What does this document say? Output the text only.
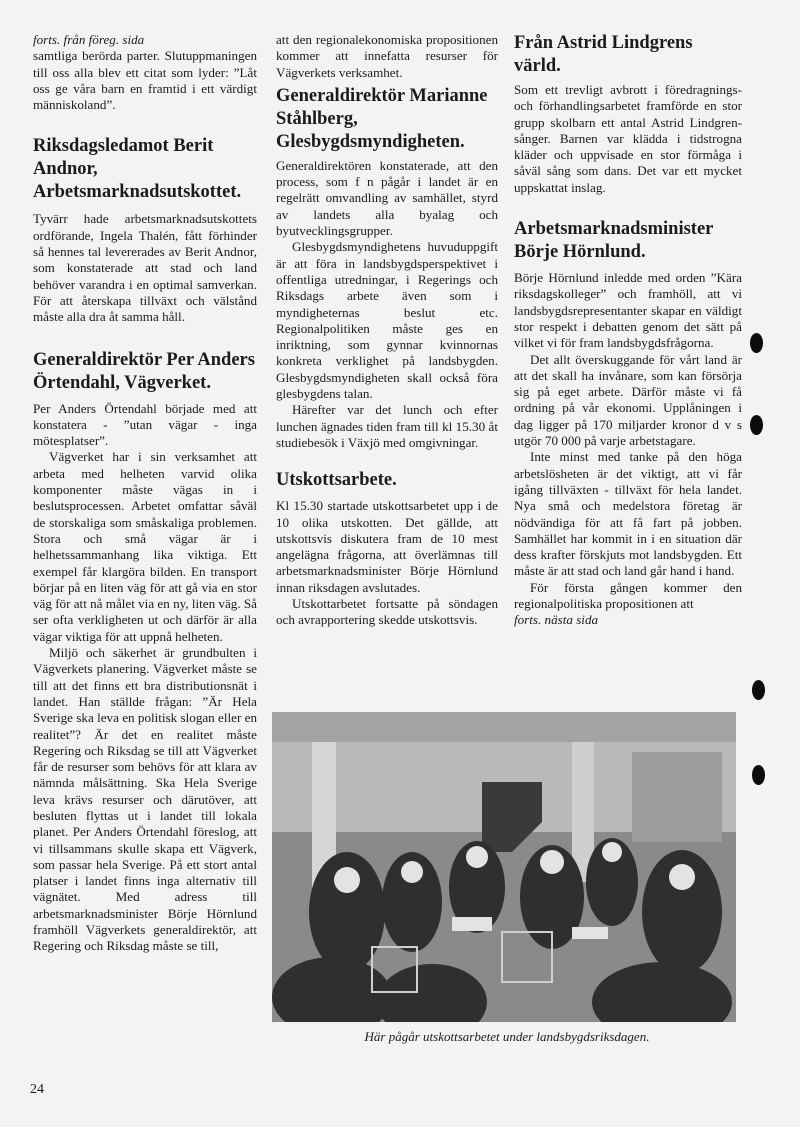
forts. från föreg. sida

samtliga berörda parter. Slutuppmaningen till oss alla blev ett citat som lyder: ”Låt oss ge våra barn en framtid i ett värdigt människoland”.

Riksdagsledamot Berit Andnor, Arbetsmarknadsutskottet.

Tyvärr hade arbetsmarknadsutskottets ordförande, Ingela Thalén, fått förhinder så hennes tal levererades av Berit Andnor, som konstaterade att stad och land behöver varandra i en optimal samverkan. För att återskapa tillväxt och välstånd måste alla dra åt samma håll.

Generaldirektör Per Anders Örtendahl, Vägverket.

Per Anders Örtendahl började med att konstatera - ”utan vägar - inga mötesplatser”.

Vägverket har i sin verksamhet att arbeta med helheten varvid olika komponenter måste vägas in i beslutsprocessen. Arbetet omfattar såväl de storskaliga som småskaliga problemen. Stora och små vägar är i helhetssammanhang lika viktiga. Ett exempel får klargöra bilden. En transport börjar på en liten väg för att gå via en stor väg för att nå målet via en ny, liten väg. Så ser ofta verkligheten ut och därför är alla vägar viktiga för att uppnå helheten.

Miljö och säkerhet är grundbulten i Vägverkets planering. Vägverket måste se till att det finns ett bra distributionsnät i landet. Han ställde frågan: ”Är Hela Sverige ska leva en politisk slogan eller en realitet”? Är det en realitet måste Regering och Riksdag se till att Vägverket får de resurser som behövs för att klara av nämnda målsättning. Ska Hela Sverige leva krävs resurser och därutöver, att besluten flyttas ut i landet till lokala planet. Per Anders Örtendahl föreslog, att vi tillsammans skulle skapa ett Vägverk, som passar hela Sverige. På ett stort antal platser i landet finns inga alternativ till vägnätet. Med adress till arbetsmarknadsminister Börje Hörnlund framhöll Vägverkets generaldirektör, att Regering och Riksdag måste se till,

att den regionalekonomiska propositionen kommer att innefatta resurser för Vägverkets verksamhet.

Generaldirektör Marianne Ståhlberg, Glesbygdsmyndigheten.

Generaldirektören konstaterade, att den process, som f n pågår i landet är en regelrätt omvandling av samhället, styrd av landets alla byalag och byutvecklingsgrupper.

Glesbygdsmyndighetens huvuduppgift är att föra in landsbygdsperspektivet i offentliga utredningar, i Regerings och Riksdags arbete även som i myndigheternas beslut etc. Regionalpolitiken måste ges en inriktning, som gynnar kvinnornas konkreta verklighet på landsbygden. Glesbygdsmyndigheten skall också föra glesbygdens talan.

Härefter var det lunch och efter lunchen ägnades tiden fram till kl 15.30 åt studiebesök i Växjö med omgivningar.

Utskottsarbete.

Kl 15.30 startade utskottsarbetet upp i de 10 olika utskotten. Det gällde, att utskottsvis diskutera fram de 10 mest angelägna frågorna, att överlämnas till arbetsmarknadsminister Börje Hörnlund innan riksdagen avslutades.

Utskottarbetet fortsatte på söndagen och avrapportering skedde utskottsvis.

Från Astrid Lindgrens värld.

Som ett trevligt avbrott i föredragnings- och förhandlingsarbetet framförde en stor grupp skolbarn ett antal Astrid Lindgren-sånger. Barnen var klädda i tidstrogna kläder och uppvisade en stor förmåga i såväl sång som dans. Det var ett mycket uppskattat inslag.

Arbetsmarknadsminister Börje Hörnlund.

Börje Hörnlund inledde med orden ”Kära riksdagskolleger” och framhöll, att vi landsbygdsrepresentanter skapar en väldigt stor respekt i debatten genom det sätt på vilket vi för fram landsbygdsfrågorna.

Det allt överskuggande för vårt land är att det skall ha invånare, som kan försörja sig på eget arbete. Därför måste vi få ordning på vår ekonomi. Upplåningen i dag ligger på 170 miljarder kronor d v s utgör 70 000 på varje arbetstagare.

Inte minst med tanke på den höga arbetslösheten är det viktigt, att vi får igång tillväxten - tillväxt för hela landet. Nya små och medelstora företag är nödvändiga för att få fart på jobben. Samhället har kommit in i en situation där dess krafter förskjuts mot landsbygden. Ett måste är att stad och land går hand i hand.

För första gången kommer den regionalpolitiska propositionen att

forts. nästa sida

Här pågår utskottsarbetet under landsbygdsriksdagen.
24
